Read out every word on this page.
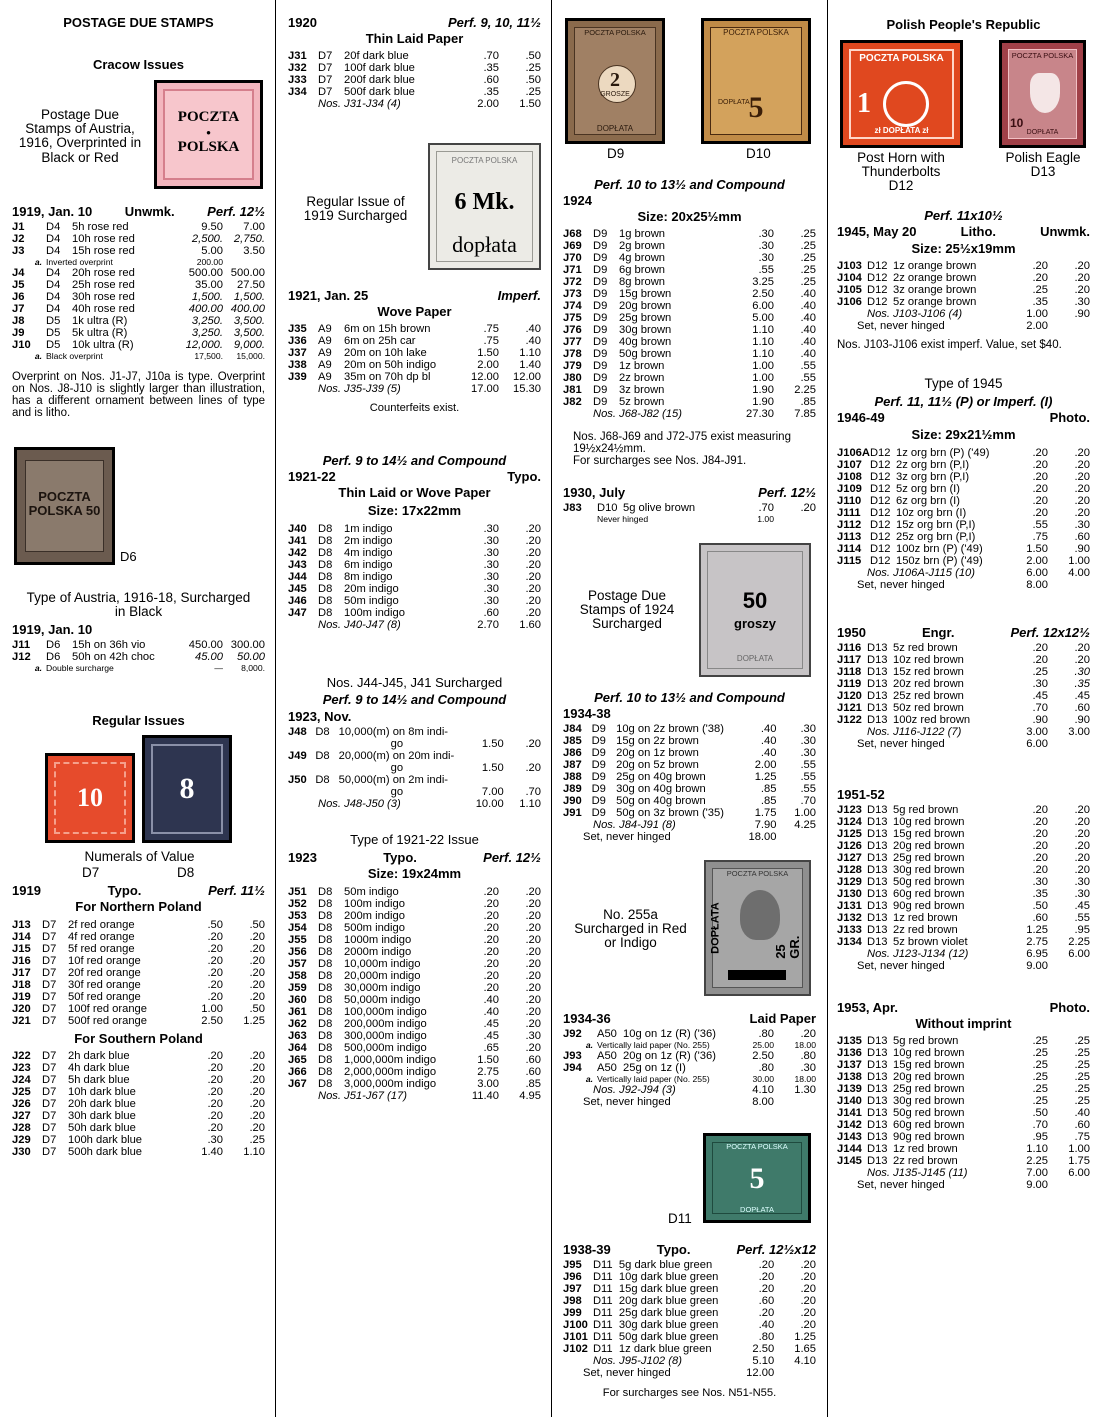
POSTAGE DUE STAMPS
Cracow Issues
Postage Due
Stamps of Austria,
1916, Overprinted in
Black or Red
POCZTA
•
POLSKA
1919, Jan. 10	Unwmk.	Perf. 12½
J1	D4	5h rose red	9.50	7.00
J2	D4	10h rose red	2,500.	2,750.
J3	D4	15h rose red	5.00	3.50
a.	Inverted overprint		200.00	
J4	D4	20h rose red	500.00	500.00
J5	D4	25h rose red	35.00	27.50
J6	D4	30h rose red	1,500.	1,500.
J7	D4	40h rose red	400.00	400.00
J8	D5	1k ultra (R)	3,250.	3,500.
J9	D5	5k ultra (R)	3,250.	3,500.
J10	D5	10k ultra (R)	12,000.	9,000.
a.	Black overprint		17,500.	15,000.
Overprint on Nos. J1-J7, J10a is type. Overprint on Nos. J8-J10 is slightly larger than illustration, has a different ornament between lines of type and is litho.
POCZTA POLSKA 50
D6
Type of Austria, 1916-18, Surcharged
in Black
1919, Jan. 10
J11	D6	15h on 36h vio	450.00	300.00
J12	D6	50h on 42h choc	45.00	50.00
a.	Double surcharge		—	8,000.
Regular Issues
10	8
Numerals of Value
D7	D8
1919	Typo.	Perf. 11½
For Northern Poland
J13	D7	2f red orange	.50	.50
J14	D7	4f red orange	.20	.20
J15	D7	5f red orange	.20	.20
J16	D7	10f red orange	.20	.20
J17	D7	20f red orange	.20	.20
J18	D7	30f red orange	.20	.20
J19	D7	50f red orange	.20	.20
J20	D7	100f red orange	1.00	.50
J21	D7	500f red orange	2.50	1.25
For Southern Poland
J22	D7	2h dark blue	.20	.20
J23	D7	4h dark blue	.20	.20
J24	D7	5h dark blue	.20	.20
J25	D7	10h dark blue	.20	.20
J26	D7	20h dark blue	.20	.20
J27	D7	30h dark blue	.20	.20
J28	D7	50h dark blue	.20	.20
J29	D7	100h dark blue	.30	.25
J30	D7	500h dark blue	1.40	1.10
1920	Perf. 9, 10, 11½
Thin Laid Paper
J31	D7	20f dark blue	.70	.50
J32	D7	100f dark blue	.35	.25
J33	D7	200f dark blue	.60	.50
J34	D7	500f dark blue	.35	.25
Nos. J31-J34 (4)			2.00	1.50
Regular Issue of
1919 Surcharged
POCZTA POLSKA
6 Mk.
dopłata
1921, Jan. 25	Imperf.
Wove Paper
J35	A9	6m on 15h brown	.75	.40
J36	A9	6m on 25h car	.75	.40
J37	A9	20m on 10h lake	1.50	1.10
J38	A9	20m on 50h indigo	2.00	1.40
J39	A9	35m on 70h dp bl	12.00	12.00
Nos. J35-J39 (5)			17.00	15.30
Counterfeits exist.
Perf. 9 to 14½ and Compound
1921-22	Typo.
Thin Laid or Wove Paper
Size: 17x22mm
J40	D8	1m indigo	.30	.20
J41	D8	2m indigo	.30	.20
J42	D8	4m indigo	.30	.20
J43	D8	6m indigo	.30	.20
J44	D8	8m indigo	.30	.20
J45	D8	20m indigo	.30	.20
J46	D8	50m indigo	.30	.20
J47	D8	100m indigo	.60	.20
Nos. J40-J47 (8)			2.70	1.60
Nos. J44-J45, J41 Surcharged
Perf. 9 to 14½ and Compound
1923, Nov.
J48	D8	10,000(m) on 8m indi-		
		go	1.50	.20
J49	D8	20,000(m) on 20m indi-		
		go	1.50	.20
J50	D8	50,000(m) on 2m indi-		
		go	7.00	.70
Nos. J48-J50 (3)			10.00	1.10
Type of 1921-22 Issue
1923	Typo.	Perf. 12½
Size: 19x24mm
J51	D8	50m indigo	.20	.20
J52	D8	100m indigo	.20	.20
J53	D8	200m indigo	.20	.20
J54	D8	500m indigo	.20	.20
J55	D8	1000m indigo	.20	.20
J56	D8	2000m indigo	.20	.20
J57	D8	10,000m indigo	.20	.20
J58	D8	20,000m indigo	.20	.20
J59	D8	30,000m indigo	.20	.20
J60	D8	50,000m indigo	.40	.20
J61	D8	100,000m indigo	.40	.20
J62	D8	200,000m indigo	.45	.20
J63	D8	300,000m indigo	.45	.30
J64	D8	500,000m indigo	.65	.20
J65	D8	1,000,000m indigo	1.50	.60
J66	D8	2,000,000m indigo	2.75	.60
J67	D8	3,000,000m indigo	3.00	.85
Nos. J51-J67 (17)			11.40	4.95
POCZTA POLSKA
2
GROSZE
DOPŁATA
D9
POCZTA POLSKA
5
DOPŁATA
D10
Perf. 10 to 13½ and Compound
1924
Size: 20x25½mm
J68	D9	1g brown	.30	.25
J69	D9	2g brown	.30	.25
J70	D9	4g brown	.30	.25
J71	D9	6g brown	.55	.25
J72	D9	8g brown	3.25	.25
J73	D9	15g brown	2.50	.40
J74	D9	20g brown	6.00	.40
J75	D9	25g brown	5.00	.40
J76	D9	30g brown	1.10	.40
J77	D9	40g brown	1.10	.40
J78	D9	50g brown	1.10	.40
J79	D9	1z brown	1.00	.55
J80	D9	2z brown	1.00	.55
J81	D9	3z brown	1.90	2.25
J82	D9	5z brown	1.90	.85
Nos. J68-J82 (15)			27.30	7.85
Nos. J68-J69 and J72-J75 exist measuring 19½x24½mm.
For surcharges see Nos. J84-J91.
1930, July	Perf. 12½
J83	D10	5g olive brown	.70	.20
	Never hinged		1.00	
Postage Due
Stamps of 1924
Surcharged
50
groszy
DOPŁATA
Perf. 10 to 13½ and Compound
1934-38
J84	D9	10g on 2z brown ('38)	.40	.30
J85	D9	15g on 2z brown	.40	.30
J86	D9	20g on 1z brown	.40	.30
J87	D9	20g on 5z brown	2.00	.55
J88	D9	25g on 40g brown	1.25	.55
J89	D9	30g on 40g brown	.85	.55
J90	D9	50g on 40g brown	.85	.70
J91	D9	50g on 3z brown ('35)	1.75	1.00
Nos. J84-J91 (8)			7.90	4.25
Set, never hinged			18.00	
No. 255a
Surcharged in Red
or Indigo
POCZTA POLSKA
DOPŁATA	25 GR.
1934-36	Laid Paper
J92	A50	10g on 1z (R) ('36)	.80	.20
a.	Vertically laid paper (No. 255)		25.00	18.00
J93	A50	20g on 1z (R) ('36)	2.50	.80
J94	A50	25g on 1z (I)	.80	.30
a.	Vertically laid paper (No. 255)		30.00	18.00
Nos. J92-J94 (3)			4.10	1.30
Set, never hinged			8.00	
POCZTA POLSKA
5
DOPŁATA
D11
1938-39	Typo.	Perf. 12½x12
J95	D11	5g dark blue green	.20	.20
J96	D11	10g dark blue green	.20	.20
J97	D11	15g dark blue green	.20	.20
J98	D11	20g dark blue green	.60	.20
J99	D11	25g dark blue green	.20	.20
J100	D11	30g dark blue green	.40	.20
J101	D11	50g dark blue green	.80	1.25
J102	D11	1z dark blue green	2.50	1.65
Nos. J95-J102 (8)			5.10	4.10
Set, never hinged			12.00	
For surcharges see Nos. N51-N55.
Polish People's Republic
POCZTA POLSKA
1
zł DOPŁATA zł
POCZTA POLSKA
10
DOPŁATA
Post Horn with
Thunderbolts
D12
Polish Eagle
D13
Perf. 11x10½
1945, May 20	Litho.	Unwmk.
Size: 25½x19mm
J103	D12	1z orange brown	.20	.20
J104	D12	2z orange brown	.20	.20
J105	D12	3z orange brown	.25	.20
J106	D12	5z orange brown	.35	.30
Nos. J103-J106 (4)			1.00	.90
Set, never hinged			2.00	
Nos. J103-J106 exist imperf. Value, set $40.
Type of 1945
Perf. 11, 11½ (P) or Imperf. (I)
1946-49	Photo.
Size: 29x21½mm
J106A	D12	1z org brn (P) ('49)	.20	.20
J107	D12	2z org brn (P,I)	.20	.20
J108	D12	3z org brn (P,I)	.20	.20
J109	D12	5z org brn (I)	.20	.20
J110	D12	6z org brn (I)	.20	.20
J111	D12	10z org brn (I)	.20	.20
J112	D12	15z org brn (P,I)	.55	.30
J113	D12	25z org brn (P,I)	.75	.60
J114	D12	100z brn (P) ('49)	1.50	.90
J115	D12	150z brn (P) ('49)	2.00	1.00
Nos. J106A-J115 (10)			6.00	4.00
Set, never hinged			8.00	
1950	Engr.	Perf. 12x12½
J116	D13	5z red brown	.20	.20
J117	D13	10z red brown	.20	.20
J118	D13	15z red brown	.25	.30
J119	D13	20z red brown	.30	.35
J120	D13	25z red brown	.45	.45
J121	D13	50z red brown	.70	.60
J122	D13	100z red brown	.90	.90
Nos. J116-J122 (7)			3.00	3.00
Set, never hinged			6.00	
1951-52
J123	D13	5g red brown	.20	.20
J124	D13	10g red brown	.20	.20
J125	D13	15g red brown	.20	.20
J126	D13	20g red brown	.20	.20
J127	D13	25g red brown	.20	.20
J128	D13	30g red brown	.20	.20
J129	D13	50g red brown	.30	.30
J130	D13	60g red brown	.35	.30
J131	D13	90g red brown	.50	.45
J132	D13	1z red brown	.60	.55
J133	D13	2z red brown	1.25	.95
J134	D13	5z brown violet	2.75	2.25
Nos. J123-J134 (12)			6.95	6.00
Set, never hinged			9.00	
1953, Apr.	Photo.
Without imprint
J135	D13	5g red brown	.25	.25
J136	D13	10g red brown	.25	.25
J137	D13	15g red brown	.25	.25
J138	D13	20g red brown	.25	.25
J139	D13	25g red brown	.25	.25
J140	D13	30g red brown	.25	.25
J141	D13	50g red brown	.50	.40
J142	D13	60g red brown	.70	.60
J143	D13	90g red brown	.95	.75
J144	D13	1z red brown	1.10	1.00
J145	D13	2z red brown	2.25	1.75
Nos. J135-J145 (11)			7.00	6.00
Set, never hinged			9.00	
